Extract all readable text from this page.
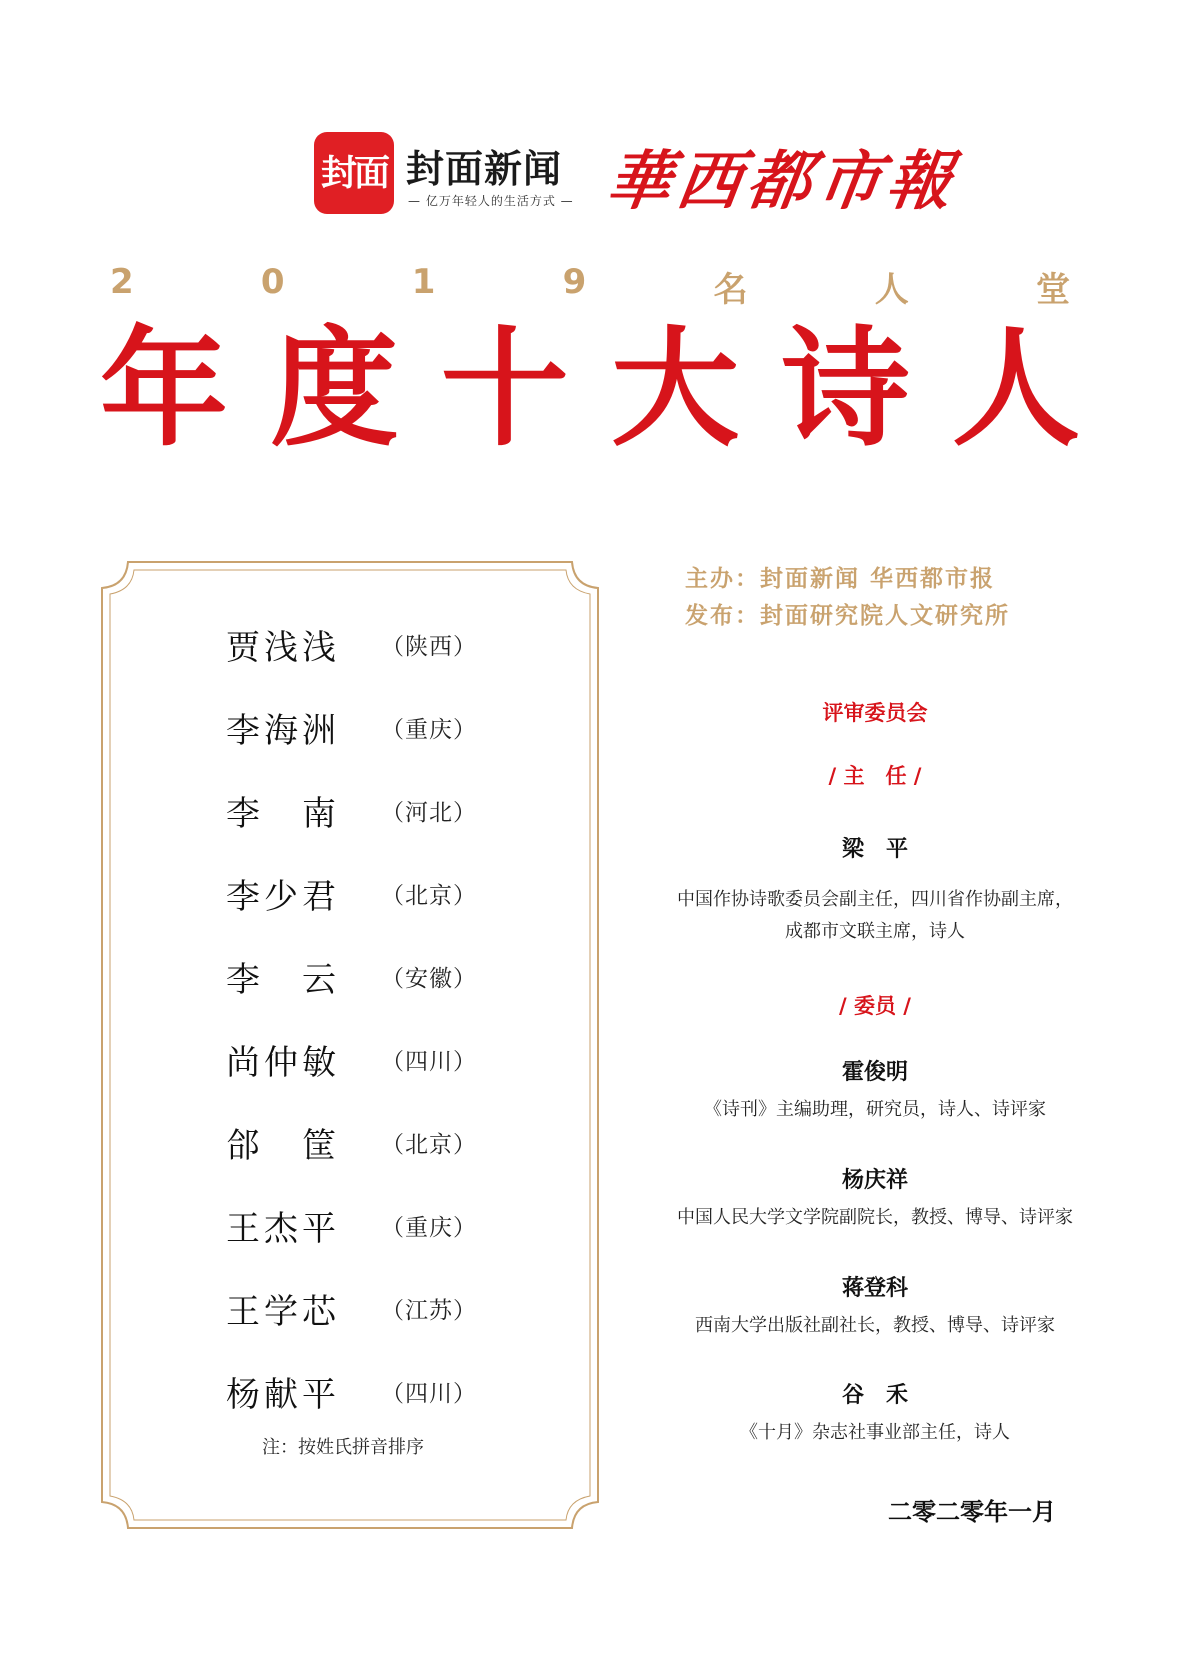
封面 封面新闻
— 亿万年轻人的生活方式 — 華西都市報
2	0	1	9	名	人	堂
年 度 十 大 诗 人
贾 浅 浅 （陕西）
李 海 洲 （重庆）
李 南 （河北）
李 少 君 （北京）
李 云 （安徽）
尚 仲 敏 （四川）
郃 筐 （北京）
王 杰 平 （重庆）
王 学 芯 （江苏）
杨 献 平 （四川）
注：按姓氏拼音排序
主办：封面新闻 华西都市报
发布：封面研究院人文研究所
评审委员会
/ 主　任 /
梁　平
中国作协诗歌委员会副主任，四川省作协副主席，
成都市文联主席，诗人
/ 委员 /
霍俊明
《诗刊》主编助理，研究员，诗人、诗评家
杨庆祥
中国人民大学文学院副院长，教授、博导、诗评家
蒋登科
西南大学出版社副社长，教授、博导、诗评家
谷　禾
《十月》杂志社事业部主任，诗人
二零二零年一月
